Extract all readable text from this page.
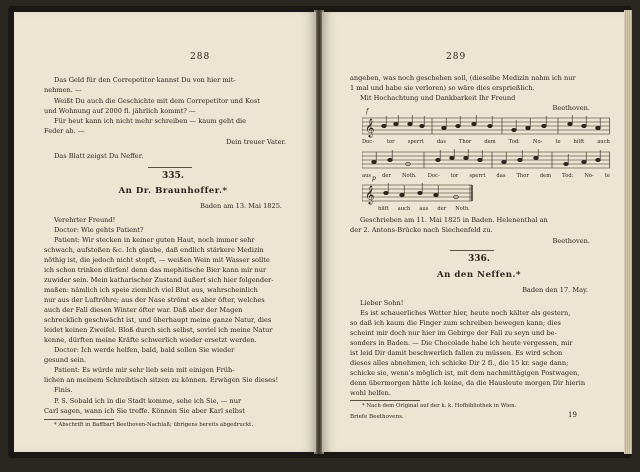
288
Das Geld für den Correpetitor kannst Du von hier mit-
nehmen. —
Weißt Du auch die Geschichte mit dem Correpetitor und Kost
und Wohnung auf 2000 fl. jährlich kommt? —
Für heut kann ich nicht mehr schreiben — kaum geht die
Feder ab. —
Dein treuer Vater.
Das Blatt zeigst Du Neffer.
335.
An Dr. Braunhoffer.*
Baden am 13. Mai 1825.
Verehrter Freund!
Doctor: Wie gehts Patient?
Patient: Wir stecken in keiner guten Haut, noch immer sehr
schwach, aufstoßen &c. Ich glaube, daß endlich stärkere Medizin
nöthig ist, die jedoch nicht stopft, — weißen Wein mit Wasser sollte
ich schon trinken dürfen! denn das mephitische Bier kann mir nur
zuwider sein. Mein katharischer Zustand äußert sich hier folgender-
maßen: nämlich ich speie ziemlich viel Blut aus, wahrscheinlich
nur aus der Luftröhre; aus der Nase strömt es aber öfter, welches
auch der Fall diesen Winter öfter war. Daß aber der Magen
schrecklich geschwächt ist, und überhaupt meine ganze Natur, dies
leidet keinen Zweifel. Bloß durch sich selbst, soviel ich meine Natur
kenne, dürften meine Kräfte schwerlich wieder ersetzt werden.
Doctor: Ich werde helfen, bald, bald sollen Sie wieder
gesund sein.
Patient: Es würde mir sehr lieb sein mit einigen Früh-
lichen an meinem Schreibtisch sitzen zu können. Erwägen Sie dieses!
Finis.
P. S. Sobald ich in die Stadt komme, sehe ich Sie, — nur
Carl sagen, wann ich Sie treffe. Können Sie aber Karl selbst
* Abschrift in Baffbart Beethoven-Nachlaß; übrigens bereits abgedruckt.
289
angeben, was noch geschehen soll, (dieselbe Medizin nahm ich nur
1 mal und habe sie verloren) so wäre dies ersprießlich.
Mit Hochachtung und Dankbarkeit Ihr Freund
Beethoven.
𝄞
f
Doc-	tor	sperrt	das	Thor	dem	Tod:	No-	te	hilft	auch
aus der Noth. Doc- tor sperrt das Thor dem Tod: No- te
𝄞
p
hilft auch aus der Noth.
Geschrieben am 11. Mai 1825 in Baden. Helenenthal an
der 2. Antons-Brücke nach Siechenfeld zu.
Beethoven.
336.
An den Neffen.*
Baden den 17. May.
Lieber Sohn!
Es ist schauerliches Wetter hier, heute noch kälter als gestern,
so daß ich kaum die Finger zum schreiben bewegen kann; dies
scheint mir doch nur hier im Gebirge der Fall zu seyn und be-
sonders in Baden. — Die Chocolade habe ich heute vergessen, mir
ist leid Dir damit beschwerlich fallen zu müssen. Es wird schon
dieses alles abnehmen, ich schicke Dir 2 fl., die 15 kr. sage dann;
schicke sie, wenn's möglich ist, mit dem nachmittägigen Postwagen,
denn übermorgen hätte ich keine, da die Hausleute morgen Dir hierin
wohl helfen.
* Nach dem Original auf der k. k. Hofbibliothek in Wien.
Briefe Beethovens.	19
